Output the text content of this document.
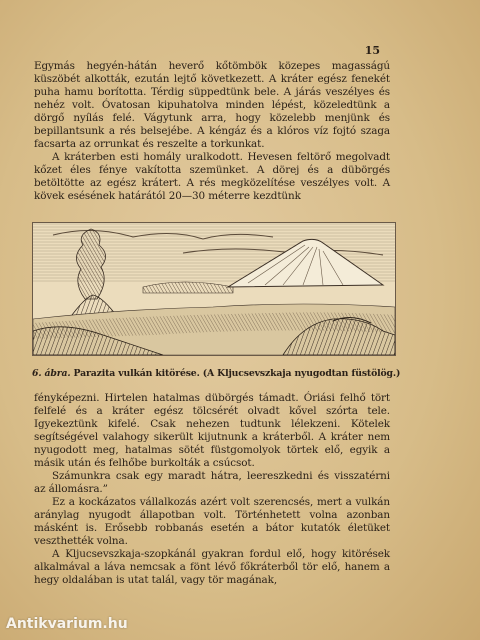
15

Egymás hegyén-hátán heverő kőtömbök közepes magasságú küszöbét alkották, ezután lejtő következett. A kráter egész fenekét puha hamu borította. Térdig süppedtünk bele. A járás veszélyes és nehéz volt. Óvatosan kipuhatolva minden lépést, közeledtünk a dörgő nyílás felé. Vágytunk arra, hogy közelebb menjünk és bepillantsunk a rés belsejébe. A kéngáz és a klóros víz fojtó szaga facsarta az orrunkat és reszelte a torkunkat.

A kráterben esti homály uralkodott. Hevesen feltörő megolvadt kőzet éles fénye vakította szemünket. A dörej és a dübörgés betöltötte az egész krátert. A rés megközelítése veszélyes volt. A kövek esésének határától 20—30 méterre kezdtünk

6. ábra. Parazita vulkán kitörése. (A Kljucsevszkaja nyugodtan füstölög.)

fényképezni. Hirtelen hatalmas dübörgés támadt. Óriási felhő tört felfelé és a kráter egész tölcsérét olvadt kővel szórta tele. Igyekeztünk kifelé. Csak nehezen tudtunk lélekzeni. Kötelek segítségével valahogy sikerült kijutnunk a kráterből. A kráter nem nyugodott meg, hatalmas sötét füstgomolyok törtek elő, egyik a másik után és felhőbe burkolták a csúcsot.

Számunkra csak egy maradt hátra, leereszkedni és visszatérni az állomásra.”

Ez a kockázatos vállalkozás azért volt szerencsés, mert a vulkán aránylag nyugodt állapotban volt. Történhetett volna azonban másként is. Erősebb robbanás esetén a bátor kutatók életüket veszthették volna.

A Kljucsevszkaja-szopkánál gyakran fordul elő, hogy kitörések alkalmával a láva nemcsak a fönt lévő főkráterből tör elő, hanem a hegy oldalában is utat talál, vagy tör magának,

Antikvarium.hu
